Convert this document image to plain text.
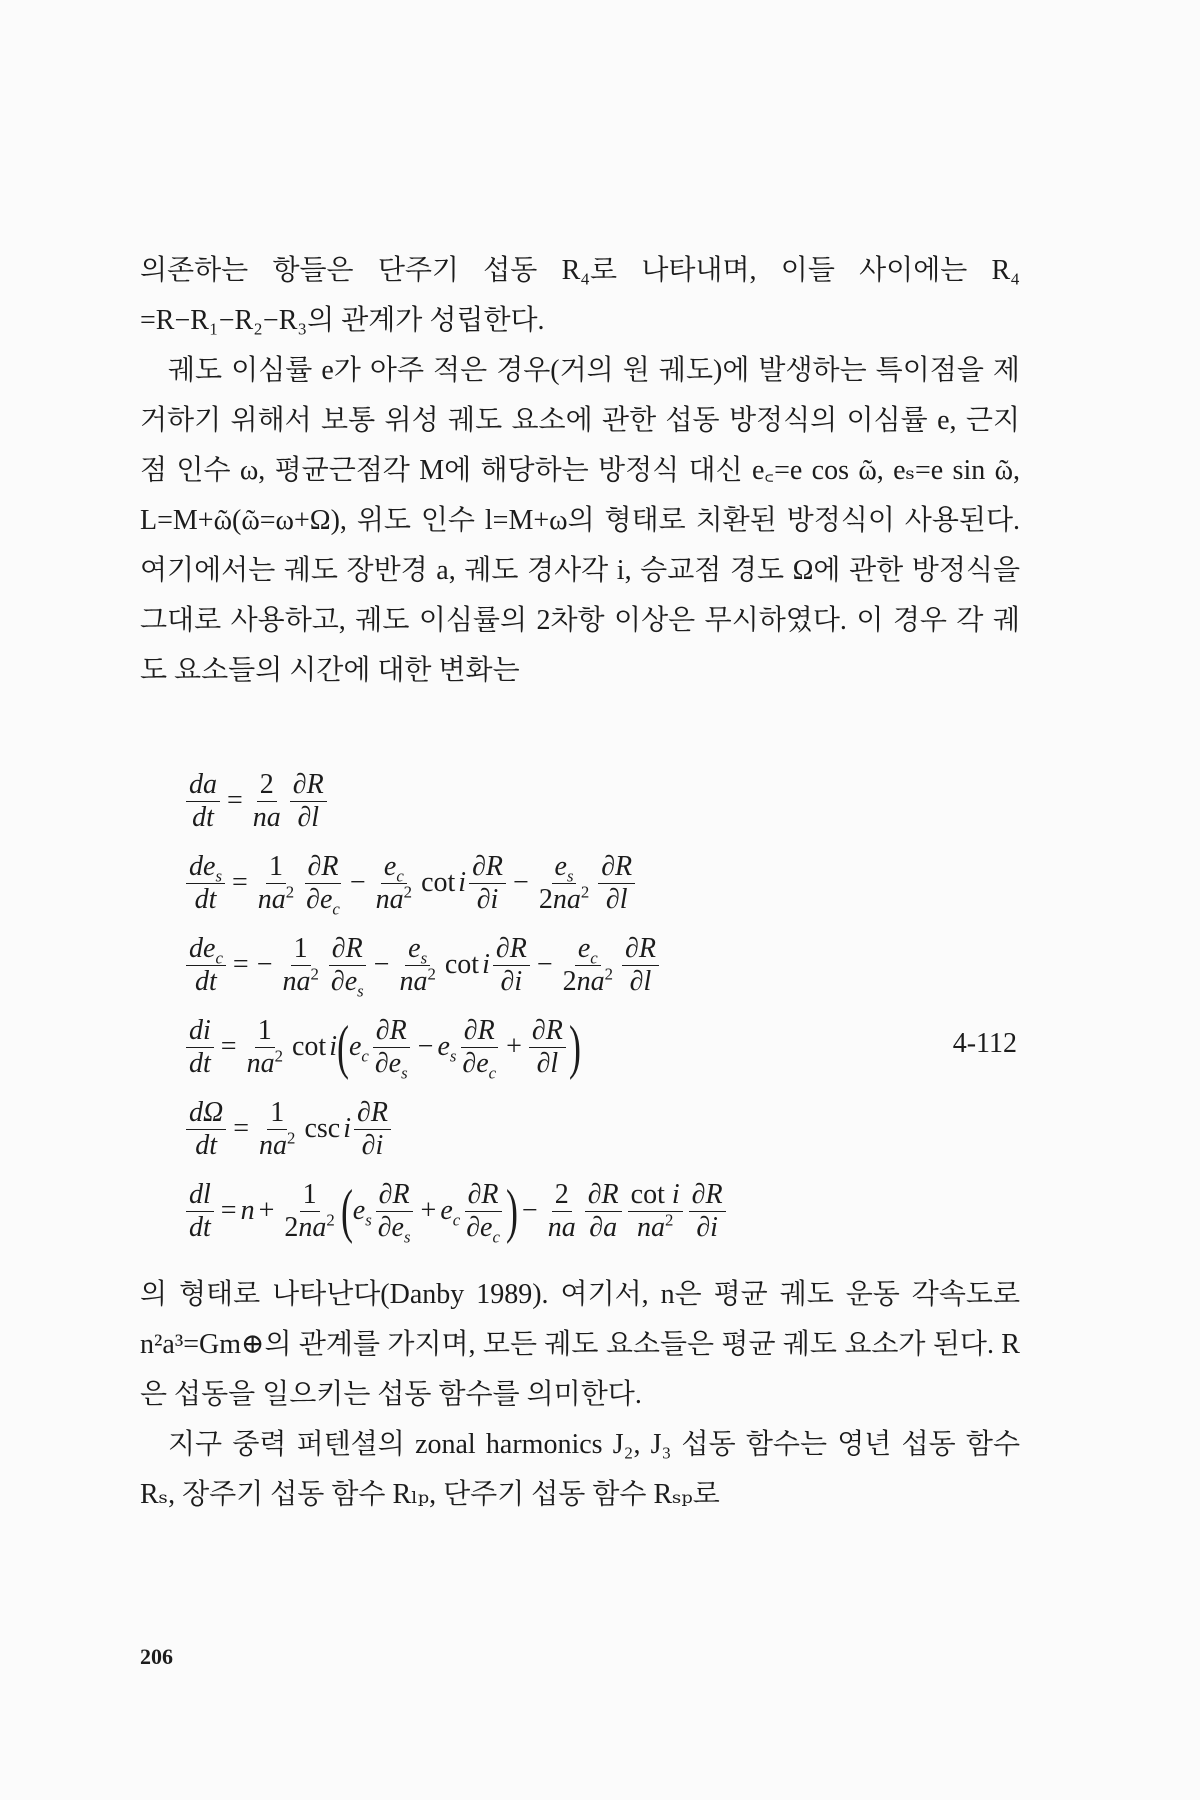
의존하는 항들은 단주기 섭동 R₄로 나타내며, 이들 사이에는 R₄ =R−R₁−R₂−R₃의 관계가 성립한다.

궤도 이심률 e가 아주 적은 경우(거의 원 궤도)에 발생하는 특이점을 제거하기 위해서 보통 위성 궤도 요소에 관한 섭동 방정식의 이심률 e, 근지점 인수 ω, 평균근점각 M에 해당하는 방정식 대신 e꜀=e cos ῶ, eₛ=e sin ῶ, L=M+ῶ(ῶ=ω+Ω), 위도 인수 l=M+ω의 형태로 치환된 방정식이 사용된다. 여기에서는 궤도 장반경 a, 궤도 경사각 i, 승교점 경도 Ω에 관한 방정식을 그대로 사용하고, 궤도 이심률의 2차항 이상은 무시하였다. 이 경우 각 궤도 요소들의 시간에 대한 변화는

$\frac{da}{dt} = \frac{2}{na} \frac{\partial R}{\partial l}$
$\frac{de_s}{dt} = \frac{1}{na^2} \frac{\partial R}{\partial e_c} - \frac{e_c}{na^2}$ cot i $\frac{\partial R}{\partial i} - \frac{e_s}{2na^2} \frac{\partial R}{\partial l}$
$\frac{de_c}{dt}$ = − $\frac{1}{na^2} \frac{\partial R}{\partial e_s} - \frac{e_s}{na^2}$ cot i $\frac{\partial R}{\partial i} - \frac{e_c}{2na^2} \frac{\partial R}{\partial l}$
$\frac{di}{dt} = \frac{1}{na^2}$ cot i ( $e_c \frac{\partial R}{\partial e_s} - e_s \frac{\partial R}{\partial e_c} + \frac{\partial R}{\partial l}$ )
$\frac{d\Omega}{dt} = \frac{1}{na^2}$ csc i $\frac{\partial R}{\partial i}$
$\frac{dl}{dt} = n + \frac{1}{2na^2}$ ( $e_s \frac{\partial R}{\partial e_s} + e_c \frac{\partial R}{\partial e_c}$ ) − $\frac{2}{na} \frac{\partial R}{\partial a} \frac{\text{cot i}}{na^2} \frac{\partial R}{\partial i}$
4-112

의 형태로 나타난다(Danby 1989). 여기서, n은 평균 궤도 운동 각속도로 n²a³=Gm⊕의 관계를 가지며, 모든 궤도 요소들은 평균 궤도 요소가 된다. R은 섭동을 일으키는 섭동 함수를 의미한다.

지구 중력 퍼텐셜의 zonal harmonics J₂, J₃ 섭동 함수는 영년 섭동 함수 Rₛ, 장주기 섭동 함수 Rₗₚ, 단주기 섭동 함수 Rₛₚ로

206
